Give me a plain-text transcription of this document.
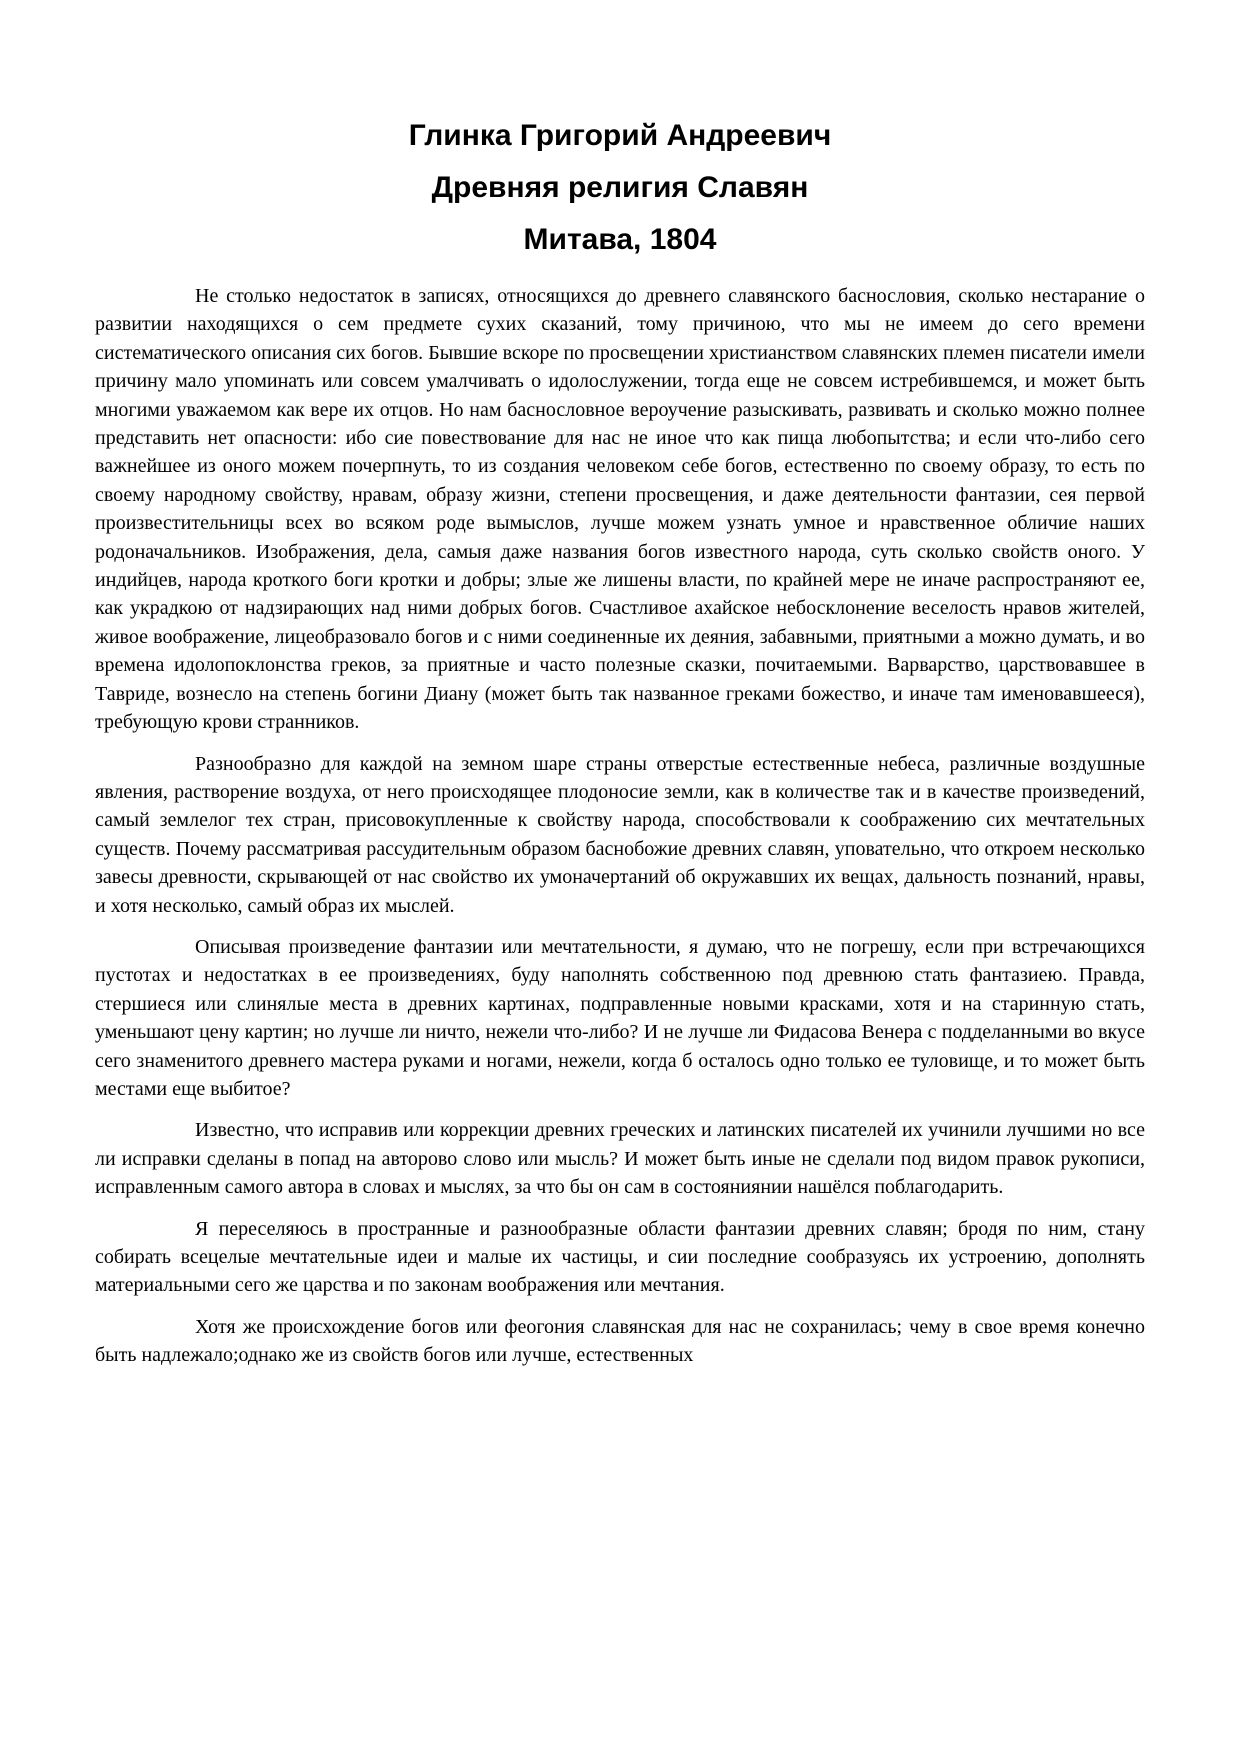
Глинка Григорий Андреевич
Древняя религия Славян
Митава, 1804

Не столько недостаток в записях, относящихся до древнего славянского баснословия, сколько нестарание о развитии находящихся о сем предмете сухих сказаний, тому причиною, что мы не имеем до сего времени систематического описания сих богов. Бывшие вскоре по просвещении христианством славянских племен писатели имели причину мало упоминать или совсем умалчивать о идолослужении, тогда еще не совсем истребившемся, и может быть многими уважаемом как вере их отцов. Но нам баснословное вероучение разыскивать, развивать и сколько можно полнее представить нет опасности: ибо сие повествование для нас не иное что как пища любопытства; и если что-либо сего важнейшее из оного можем почерпнуть, то из создания человеком себе богов, естественно по своему образу, то есть по своему народному свойству, нравам, образу жизни, степени просвещения, и даже деятельности фантазии, сея первой произвестительницы всех во всяком роде вымыслов, лучше можем узнать умное и нравственное обличие наших родоначальников. Изображения, дела, самыя даже названия богов известного народа, суть сколько свойств оного. У индийцев, народа кроткого боги кротки и добры; злые же лишены власти, по крайней мере не иначе распространяют ее, как украдкою от надзирающих над ними добрых богов. Счастливое ахайское небосклонение веселость нравов жителей, живое воображение, лицеобразовало богов и с ними соединенные их деяния, забавными, приятными а можно думать, и во времена идолопоклонства греков, за приятные и часто полезные сказки, почитаемыми. Варварство, царствовавшее в Тавриде, вознесло на степень богини Диану (может быть так названное греками божество, и иначе там именовавшееся), требующую крови странников.

Разнообразно для каждой на земном шаре страны отверстые естественные небеса, различные воздушные явления, растворение воздуха, от него происходящее плодоносие земли, как в количестве так и в качестве произведений, самый землелог тех стран, присовокупленные к свойству народа, способствовали к соображению сих мечтательных существ. Почему рассматривая рассудительным образом баснобожие древних славян, уповательно, что откроем несколько завесы древности, скрывающей от нас свойство их умоначертаний об окружавших их вещах, дальность познаний, нравы, и хотя несколько, самый образ их мыслей.

Описывая произведение фантазии или мечтательности, я думаю, что не погрешу, если при встречающихся пустотах и недостатках в ее произведениях, буду наполнять собственною под древнюю стать фантазиею. Правда, стершиеся или слинялые места в древних картинах, подправленные новыми красками, хотя и на старинную стать, уменьшают цену картин; но лучше ли ничто, нежели что-либо? И не лучше ли Фидасова Венера с подделанными во вкусе сего знаменитого древнего мастера руками и ногами, нежели, когда б осталось одно только ее туловище, и то может быть местами еще выбитое?

Известно, что исправив или коррекции древних греческих и латинских писателей их учинили лучшими но все ли исправки сделаны в попад на авторово слово или мысль? И может быть иные не сделали под видом правок рукописи, исправленным самого автора в словах и мыслях, за что бы он сам в состояниянии нашёлся поблагодарить.

Я переселяюсь в пространные и разнообразные области фантазии древних славян; бродя по ним, стану собирать всецелые мечтательные идеи и малые их частицы, и сии последние сообразуясь их устроению, дополнять материальными сего же царства и по законам воображения или мечтания.

Хотя же происхождение богов или феогония славянская для нас не сохранилась; чему в свое время конечно быть надлежало;однако же из свойств богов или лучше, естественных
